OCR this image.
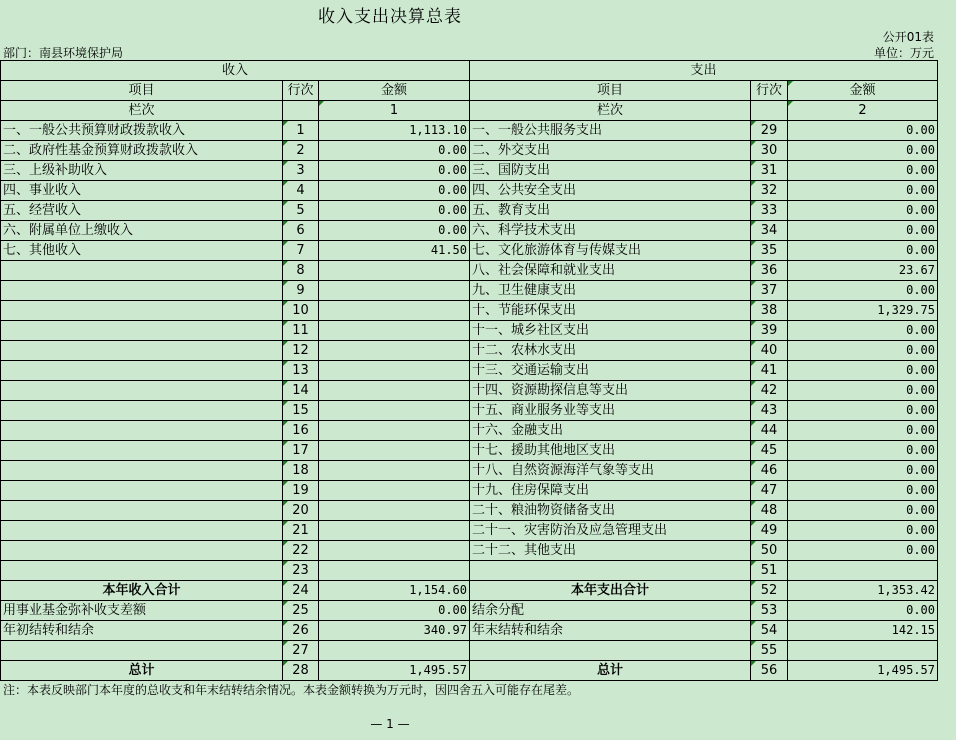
收入支出决算总表
公开01表
部门：南县环境保护局	单位：万元
收入			支出		
项目	行次	金额	项目	行次	金额
栏次		1	栏次		2
一、一般公共预算财政拨款收入	1	1,113.10	一、一般公共服务支出	29	0.00
二、政府性基金预算财政拨款收入	2	0.00	二、外交支出	30	0.00
三、上级补助收入	3	0.00	三、国防支出	31	0.00
四、事业收入	4	0.00	四、公共安全支出	32	0.00
五、经营收入	5	0.00	五、教育支出	33	0.00
六、附属单位上缴收入	6	0.00	六、科学技术支出	34	0.00
七、其他收入	7	41.50	七、文化旅游体育与传媒支出	35	0.00
	8		八、社会保障和就业支出	36	23.67
	9		九、卫生健康支出	37	0.00
	10		十、节能环保支出	38	1,329.75
	11		十一、城乡社区支出	39	0.00
	12		十二、农林水支出	40	0.00
	13		十三、交通运输支出	41	0.00
	14		十四、资源勘探信息等支出	42	0.00
	15		十五、商业服务业等支出	43	0.00
	16		十六、金融支出	44	0.00
	17		十七、援助其他地区支出	45	0.00
	18		十八、自然资源海洋气象等支出	46	0.00
	19		十九、住房保障支出	47	0.00
	20		二十、粮油物资储备支出	48	0.00
	21		二十一、灾害防治及应急管理支出	49	0.00
	22		二十二、其他支出	50	0.00
	23			51	
本年收入合计	24	1,154.60	本年支出合计	52	1,353.42
用事业基金弥补收支差额	25	0.00	结余分配	53	0.00
年初结转和结余	26	340.97	年末结转和结余	54	142.15
	27			55	
总计	28	1,495.57	总计	56	1,495.57
注：本表反映部门本年度的总收支和年末结转结余情况。本表金额转换为万元时，因四舍五入可能存在尾差。
— 1 —
